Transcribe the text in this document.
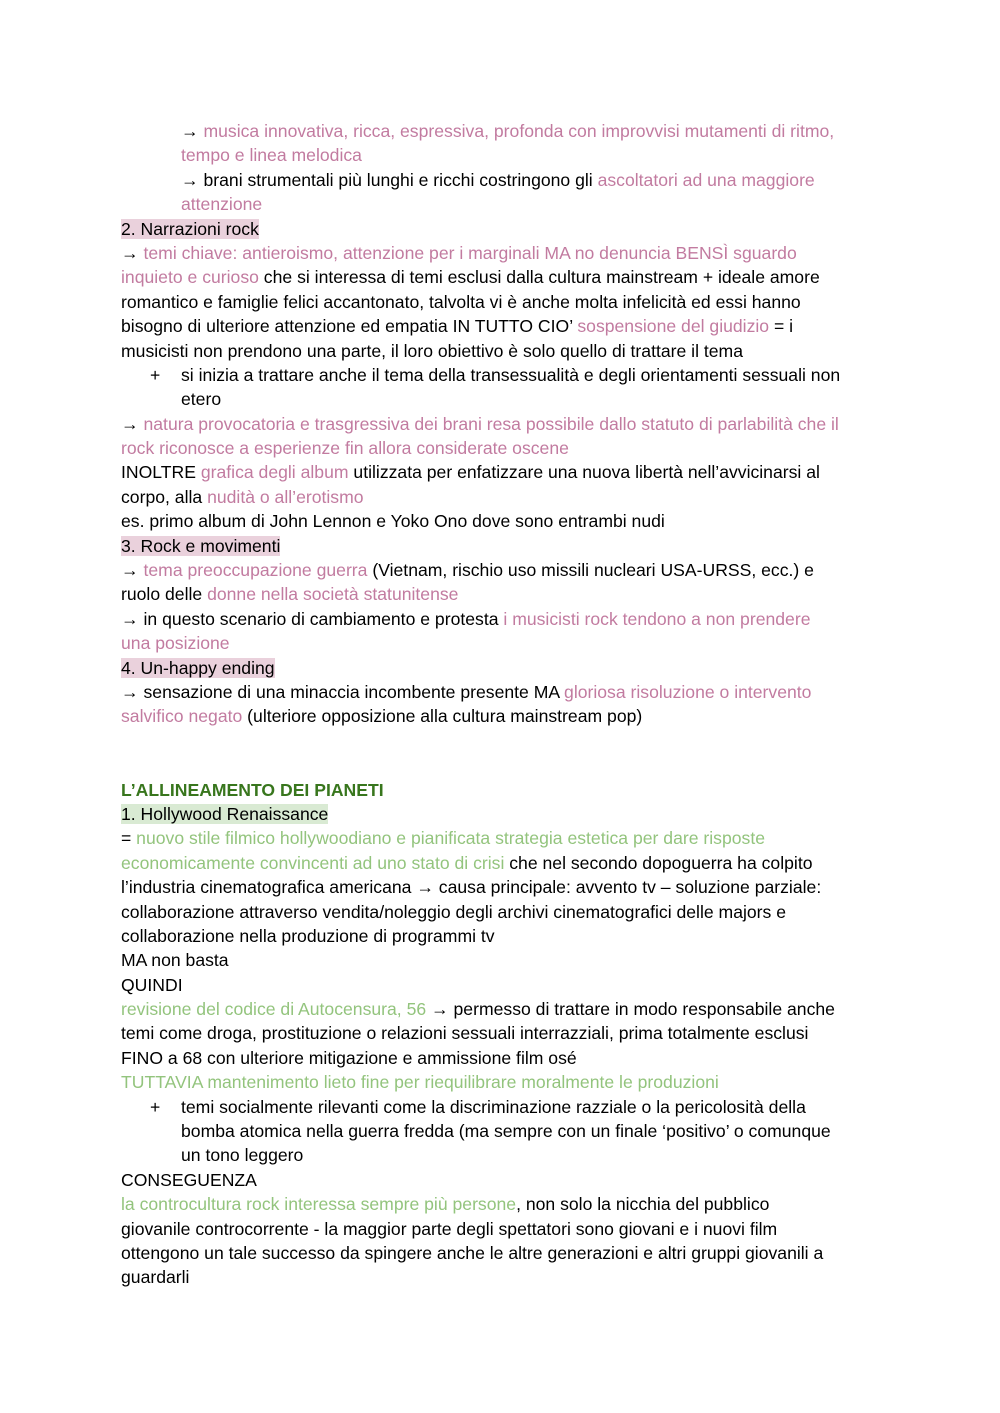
→ musica innovativa, ricca, espressiva, profonda con improvvisi mutamenti di ritmo,
tempo e linea melodica
→ brani strumentali più lunghi e ricchi costringono gli ascoltatori ad una maggiore
attenzione
2. Narrazioni rock
→ temi chiave: antieroismo, attenzione per i marginali MA no denuncia BENSÌ sguardo
inquieto e curioso che si interessa di temi esclusi dalla cultura mainstream + ideale amore
romantico e famiglie felici accantonato, talvolta vi è anche molta infelicità ed essi hanno
bisogno di ulteriore attenzione ed empatia IN TUTTO CIO’ sospensione del giudizio = i
musicisti non prendono una parte, il loro obiettivo è solo quello di trattare il tema
+ si inizia a trattare anche il tema della transessualità e degli orientamenti sessuali non
etero
→ natura provocatoria e trasgressiva dei brani resa possibile dallo statuto di parlabilità che il
rock riconosce a esperienze fin allora considerate oscene
INOLTRE grafica degli album utilizzata per enfatizzare una nuova libertà nell’avvicinarsi al
corpo, alla nudità o all’erotismo
es. primo album di John Lennon e Yoko Ono dove sono entrambi nudi
3. Rock e movimenti
→ tema preoccupazione guerra (Vietnam, rischio uso missili nucleari USA-URSS, ecc.) e
ruolo delle donne nella società statunitense
→ in questo scenario di cambiamento e protesta i musicisti rock tendono a non prendere
una posizione
4. Un-happy ending
→ sensazione di una minaccia incombente presente MA gloriosa risoluzione o intervento
salvifico negato (ulteriore opposizione alla cultura mainstream pop)
L’ALLINEAMENTO DEI PIANETI
1. Hollywood Renaissance
= nuovo stile filmico hollywoodiano e pianificata strategia estetica per dare risposte
economicamente convincenti ad uno stato di crisi che nel secondo dopoguerra ha colpito
l’industria cinematografica americana → causa principale: avvento tv – soluzione parziale:
collaborazione attraverso vendita/noleggio degli archivi cinematografici delle majors e
collaborazione nella produzione di programmi tv
MA non basta
QUINDI
revisione del codice di Autocensura, 56 → permesso di trattare in modo responsabile anche
temi come droga, prostituzione o relazioni sessuali interrazziali, prima totalmente esclusi
FINO a 68 con ulteriore mitigazione e ammissione film osé
TUTTAVIA mantenimento lieto fine per riequilibrare moralmente le produzioni
+ temi socialmente rilevanti come la discriminazione razziale o la pericolosità della
bomba atomica nella guerra fredda (ma sempre con un finale ‘positivo’ o comunque
un tono leggero
CONSEGUENZA
la controcultura rock interessa sempre più persone, non solo la nicchia del pubblico
giovanile controcorrente - la maggior parte degli spettatori sono giovani e i nuovi film
ottengono un tale successo da spingere anche le altre generazioni e altri gruppi giovanili a
guardarli
